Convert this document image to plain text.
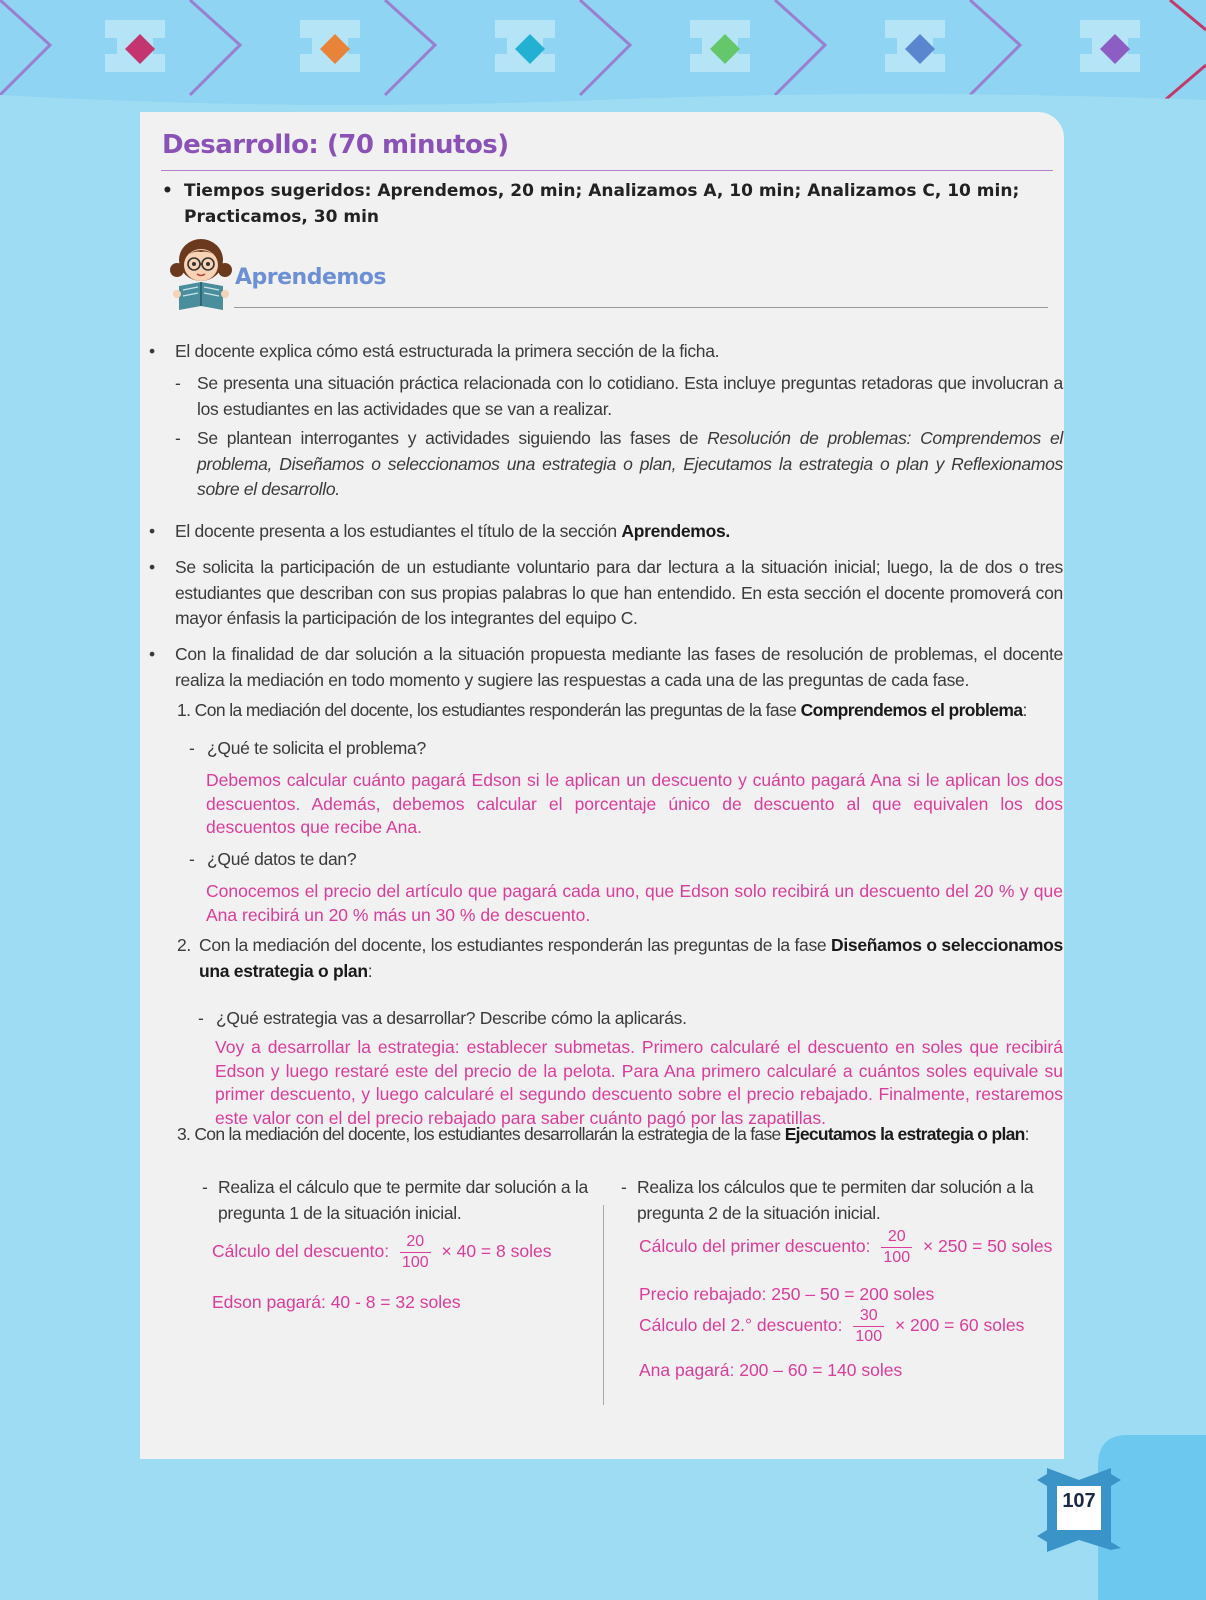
Desarrollo: (70 minutos)
• Tiempos sugeridos: Aprendemos, 20 min; Analizamos A, 10 min; Analizamos C, 10 min; Practicamos, 30 min
Aprendemos
• El docente explica cómo está estructurada la primera sección de la ficha.
- Se presenta una situación práctica relacionada con lo cotidiano. Esta incluye preguntas retadoras que involucran a los estudiantes en las actividades que se van a realizar.
- Se plantean interrogantes y actividades siguiendo las fases de Resolución de problemas: Comprendemos el problema, Diseñamos o seleccionamos una estrategia o plan, Ejecutamos la estrategia o plan y Reflexionamos sobre el desarrollo.
• El docente presenta a los estudiantes el título de la sección Aprendemos.
• Se solicita la participación de un estudiante voluntario para dar lectura a la situación inicial; luego, la de dos o tres estudiantes que describan con sus propias palabras lo que han entendido. En esta sección el docente promoverá con mayor énfasis la participación de los integrantes del equipo C.
• Con la finalidad de dar solución a la situación propuesta mediante las fases de resolución de problemas, el docente realiza la mediación en todo momento y sugiere las respuestas a cada una de las preguntas de cada fase.
1. Con la mediación del docente, los estudiantes responderán las preguntas de la fase Comprendemos el problema:
- ¿Qué te solicita el problema?
Debemos calcular cuánto pagará Edson si le aplican un descuento y cuánto pagará Ana si le aplican los dos descuentos. Además, debemos calcular el porcentaje único de descuento al que equivalen los dos descuentos que recibe Ana.
- ¿Qué datos te dan?
Conocemos el precio del artículo que pagará cada uno, que Edson solo recibirá un descuento del 20 % y que Ana recibirá un 20 % más un 30 % de descuento.
2. Con la mediación del docente, los estudiantes responderán las preguntas de la fase Diseñamos o seleccionamos una estrategia o plan:
- ¿Qué estrategia vas a desarrollar? Describe cómo la aplicarás.
Voy a desarrollar la estrategia: establecer submetas. Primero calcularé el descuento en soles que recibirá Edson y luego restaré este del precio de la pelota. Para Ana primero calcularé a cuántos soles equivale su primer descuento, y luego calcularé el segundo descuento sobre el precio rebajado. Finalmente, restaremos este valor con el del precio rebajado para saber cuánto pagó por las zapatillas.
3. Con la mediación del docente, los estudiantes desarrollarán la estrategia de la fase Ejecutamos la estrategia o plan:
- Realiza el cálculo que te permite dar solución a la pregunta 1 de la situación inicial.
Cálculo del descuento: $\frac{20}{100} \times 40 = 8$ soles
Edson pagará: 40 - 8 = 32 soles
- Realiza los cálculos que te permiten dar solución a la pregunta 2 de la situación inicial.
Cálculo del primer descuento: $\frac{20}{100} \times 250 = 50$ soles
Precio rebajado: 250 – 50 = 200 soles
Cálculo del 2.° descuento: $\frac{30}{100} \times 200 = 60$ soles
Ana pagará: 200 – 60 = 140 soles
107
